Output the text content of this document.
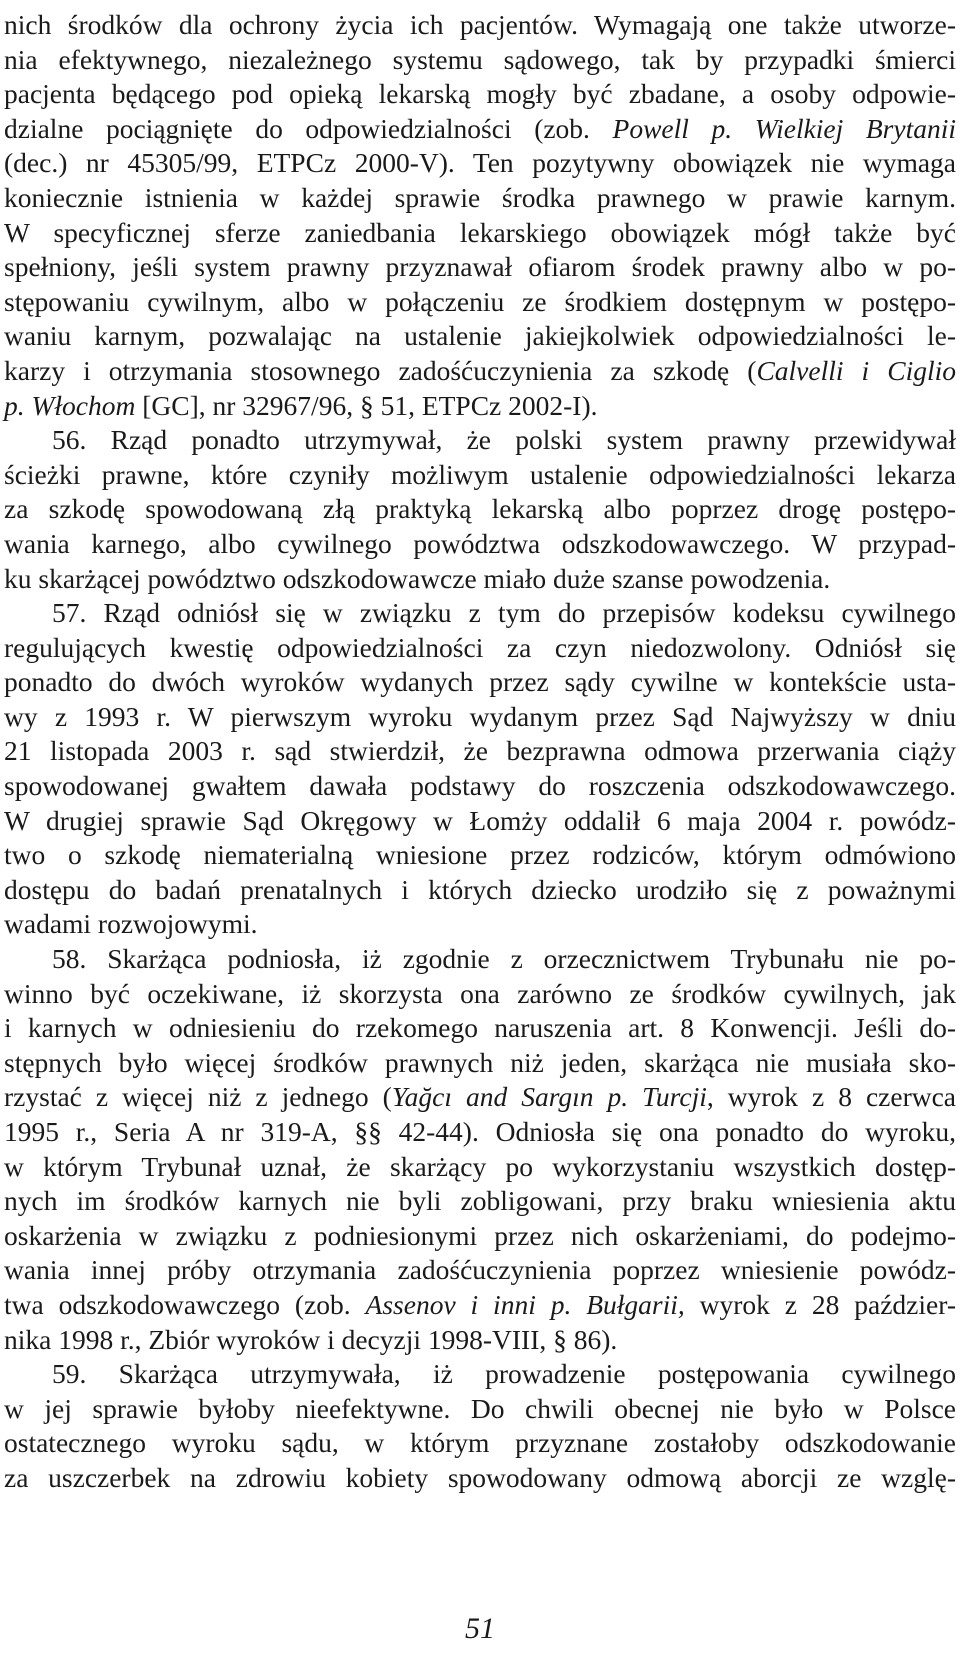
nich środków dla ochrony życia ich pacjentów. Wymagają one także utworze-
nia efektywnego, niezależnego systemu sądowego, tak by przypadki śmierci
pacjenta będącego pod opieką lekarską mogły być zbadane, a osoby odpowie-
dzialne pociągnięte do odpowiedzialności (zob. Powell p. Wielkiej Brytanii
(dec.) nr 45305/99, ETPCz 2000-V). Ten pozytywny obowiązek nie wymaga
koniecznie istnienia w każdej sprawie środka prawnego w prawie karnym.
W specyficznej sferze zaniedbania lekarskiego obowiązek mógł także być
spełniony, jeśli system prawny przyznawał ofiarom środek prawny albo w po-
stępowaniu cywilnym, albo w połączeniu ze środkiem dostępnym w postępo-
waniu karnym, pozwalając na ustalenie jakiejkolwiek odpowiedzialności le-
karzy i otrzymania stosownego zadośćuczynienia za szkodę (Calvelli i Ciglio
p. Włochom [GC], nr 32967/96, § 51, ETPCz 2002-I).
56. Rząd ponadto utrzymywał, że polski system prawny przewidywał
ścieżki prawne, które czyniły możliwym ustalenie odpowiedzialności lekarza
za szkodę spowodowaną złą praktyką lekarską albo poprzez drogę postępo-
wania karnego, albo cywilnego powództwa odszkodowawczego. W przypad-
ku skarżącej powództwo odszkodowawcze miało duże szanse powodzenia.
57. Rząd odniósł się w związku z tym do przepisów kodeksu cywilnego
regulujących kwestię odpowiedzialności za czyn niedozwolony. Odniósł się
ponadto do dwóch wyroków wydanych przez sądy cywilne w kontekście usta-
wy z 1993 r. W pierwszym wyroku wydanym przez Sąd Najwyższy w dniu
21 listopada 2003 r. sąd stwierdził, że bezprawna odmowa przerwania ciąży
spowodowanej gwałtem dawała podstawy do roszczenia odszkodowawczego.
W drugiej sprawie Sąd Okręgowy w Łomży oddalił 6 maja 2004 r. powódz-
two o szkodę niematerialną wniesione przez rodziców, którym odmówiono
dostępu do badań prenatalnych i których dziecko urodziło się z poważnymi
wadami rozwojowymi.
58. Skarżąca podniosła, iż zgodnie z orzecznictwem Trybunału nie po-
winno być oczekiwane, iż skorzysta ona zarówno ze środków cywilnych, jak
i karnych w odniesieniu do rzekomego naruszenia art. 8 Konwencji. Jeśli do-
stępnych było więcej środków prawnych niż jeden, skarżąca nie musiała sko-
rzystać z więcej niż z jednego (Yağcı and Sargın p. Turcji, wyrok z 8 czerwca
1995 r., Seria A nr 319-A, §§ 42-44). Odniosła się ona ponadto do wyroku,
w którym Trybunał uznał, że skarżący po wykorzystaniu wszystkich dostęp-
nych im środków karnych nie byli zobligowani, przy braku wniesienia aktu
oskarżenia w związku z podniesionymi przez nich oskarżeniami, do podejmo-
wania innej próby otrzymania zadośćuczynienia poprzez wniesienie powódz-
twa odszkodowawczego (zob. Assenov i inni p. Bułgarii, wyrok z 28 paździer-
nika 1998 r., Zbiór wyroków i decyzji 1998-VIII, § 86).
59. Skarżąca utrzymywała, iż prowadzenie postępowania cywilnego
w jej sprawie byłoby nieefektywne. Do chwili obecnej nie było w Polsce
ostatecznego wyroku sądu, w którym przyznane zostałoby odszkodowanie
za uszczerbek na zdrowiu kobiety spowodowany odmową aborcji ze wzglę-
51
